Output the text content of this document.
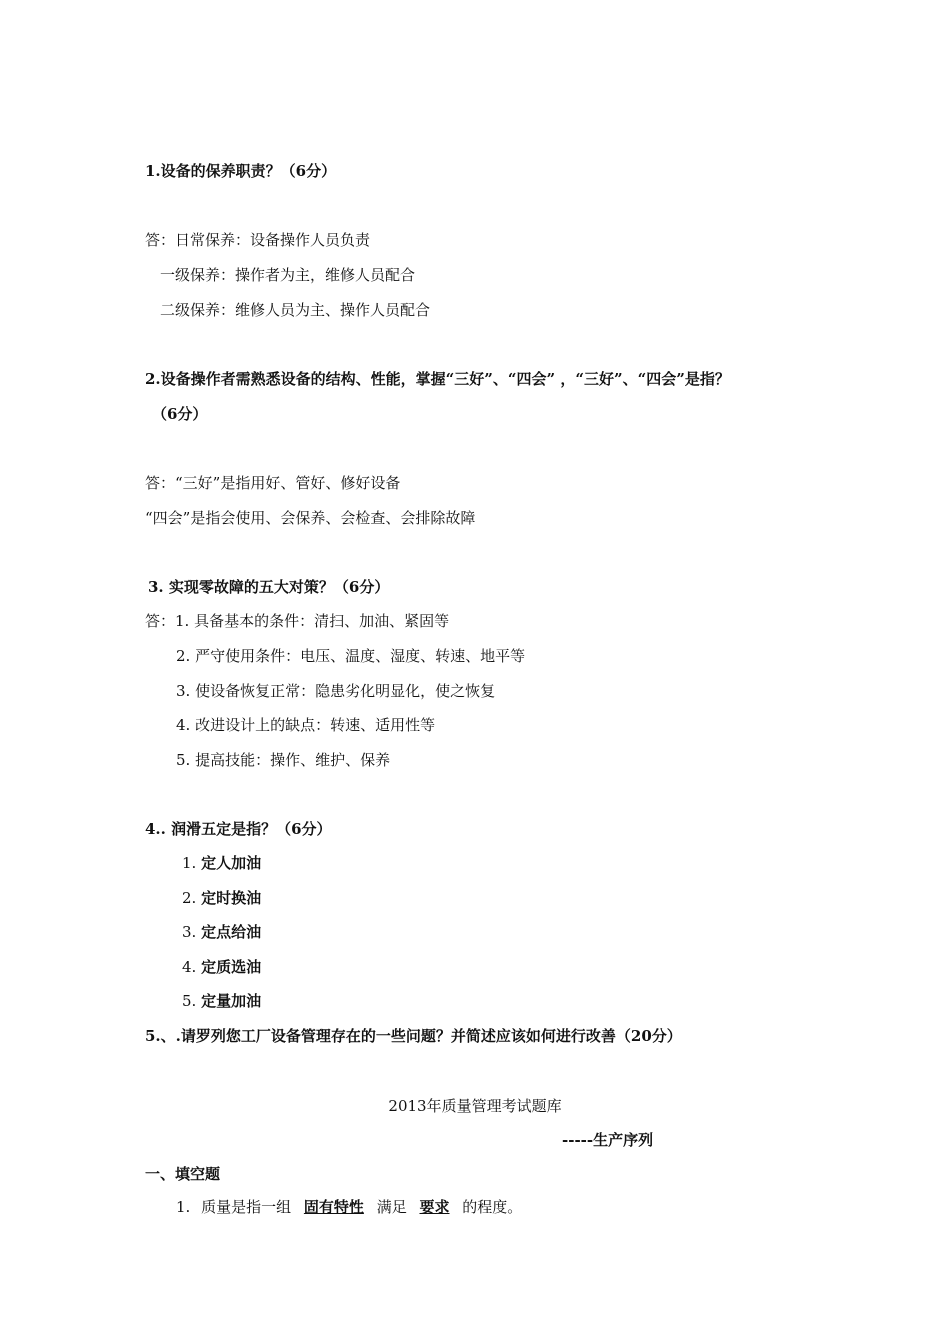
1.设备的保养职责？（6分）
答：日常保养：设备操作人员负责
一级保养：操作者为主，维修人员配合
二级保养：维修人员为主、操作人员配合
2.设备操作者需熟悉设备的结构、性能，掌握“三好”、“四会” ，“三好”、“四会”是指？
（6分）
答：“三好”是指用好、管好、修好设备
“四会”是指会使用、会保养、会检查、会排除故障
3. 实现零故障的五大对策？（6分）
答：1. 具备基本的条件：清扫、加油、紧固等
2. 严守使用条件：电压、温度、湿度、转速、地平等
3. 使设备恢复正常：隐患劣化明显化，使之恢复
4. 改进设计上的缺点：转速、适用性等
5. 提高技能：操作、维护、保养
4.. 润滑五定是指？（6分）
1. 定人加油
2. 定时换油
3. 定点给油
4. 定质选油
5. 定量加油
5.、.请罗列您工厂设备管理存在的一些问题？并简述应该如何进行改善（20分）
2013年质量管理考试题库
-----生产序列
一、填空题
1. 质量是指一组 固有特性 满足 要求 的程度。
